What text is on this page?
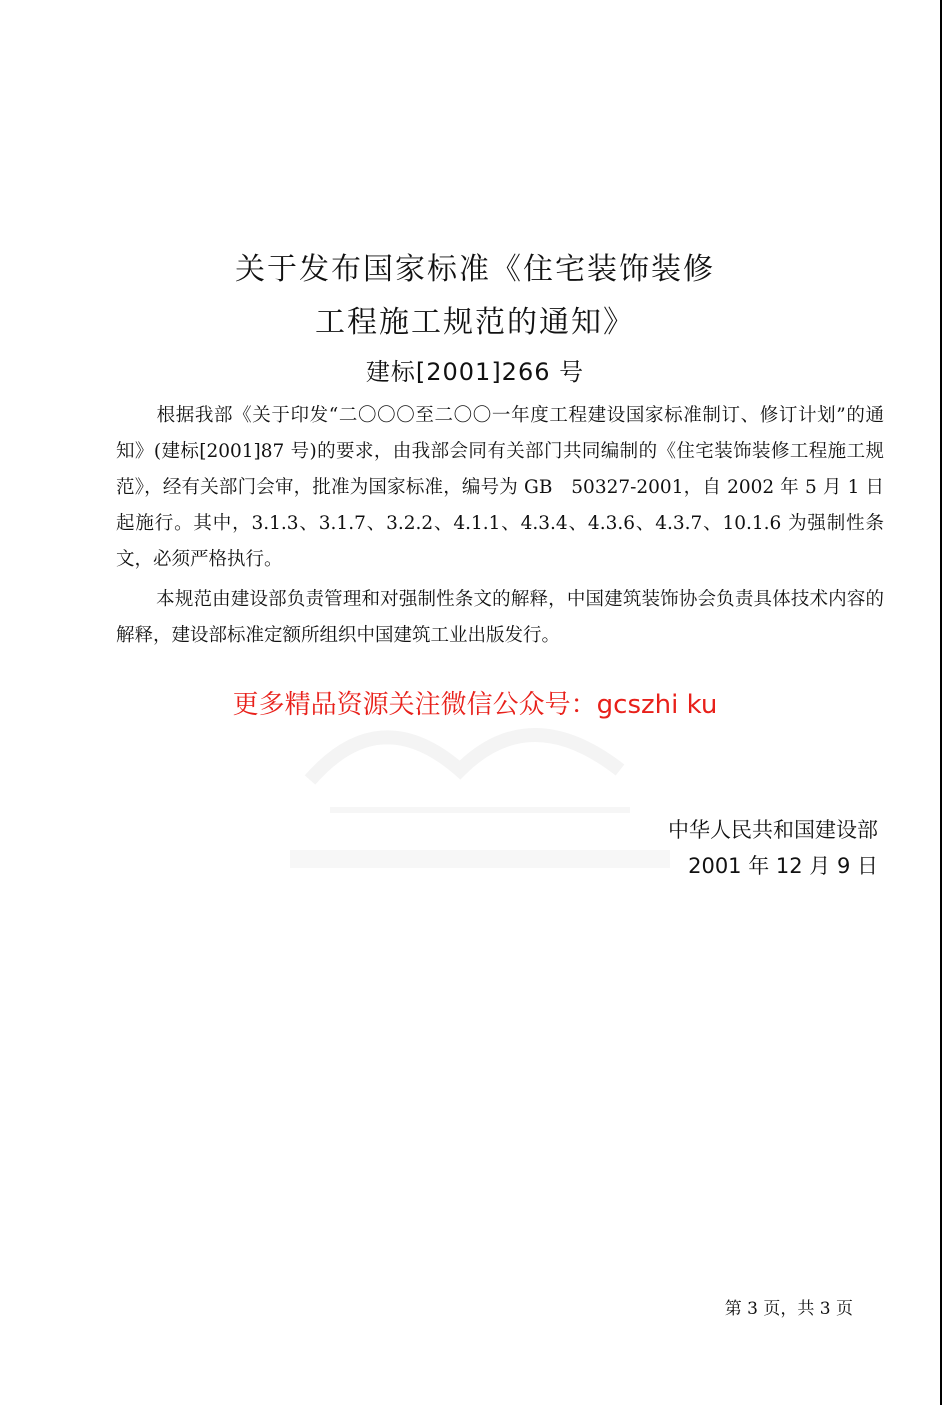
关于发布国家标准《住宅装饰装修
工程施工规范的通知》
建标[2001]266 号
根据我部《关于印发“二〇〇〇至二〇〇一年度工程建设国家标准制订、修订计划”的通知》(建标[2001]87 号)的要求，由我部会同有关部门共同编制的《住宅装饰装修工程施工规范》，经有关部门会审，批准为国家标准，编号为 GB　50327-2001，自 2002 年 5 月 1 日起施行。其中，3.1.3、3.1.7、3.2.2、4.1.1、4.3.4、4.3.6、4.3.7、10.1.6 为强制性条文，必须严格执行。
本规范由建设部负责管理和对强制性条文的解释，中国建筑装饰协会负责具体技术内容的解释，建设部标准定额所组织中国建筑工业出版发行。
更多精品资源关注微信公众号：gcszhi ku
中华人民共和国建设部
2001 年 12 月 9 日
第 3 页，共 3 页
